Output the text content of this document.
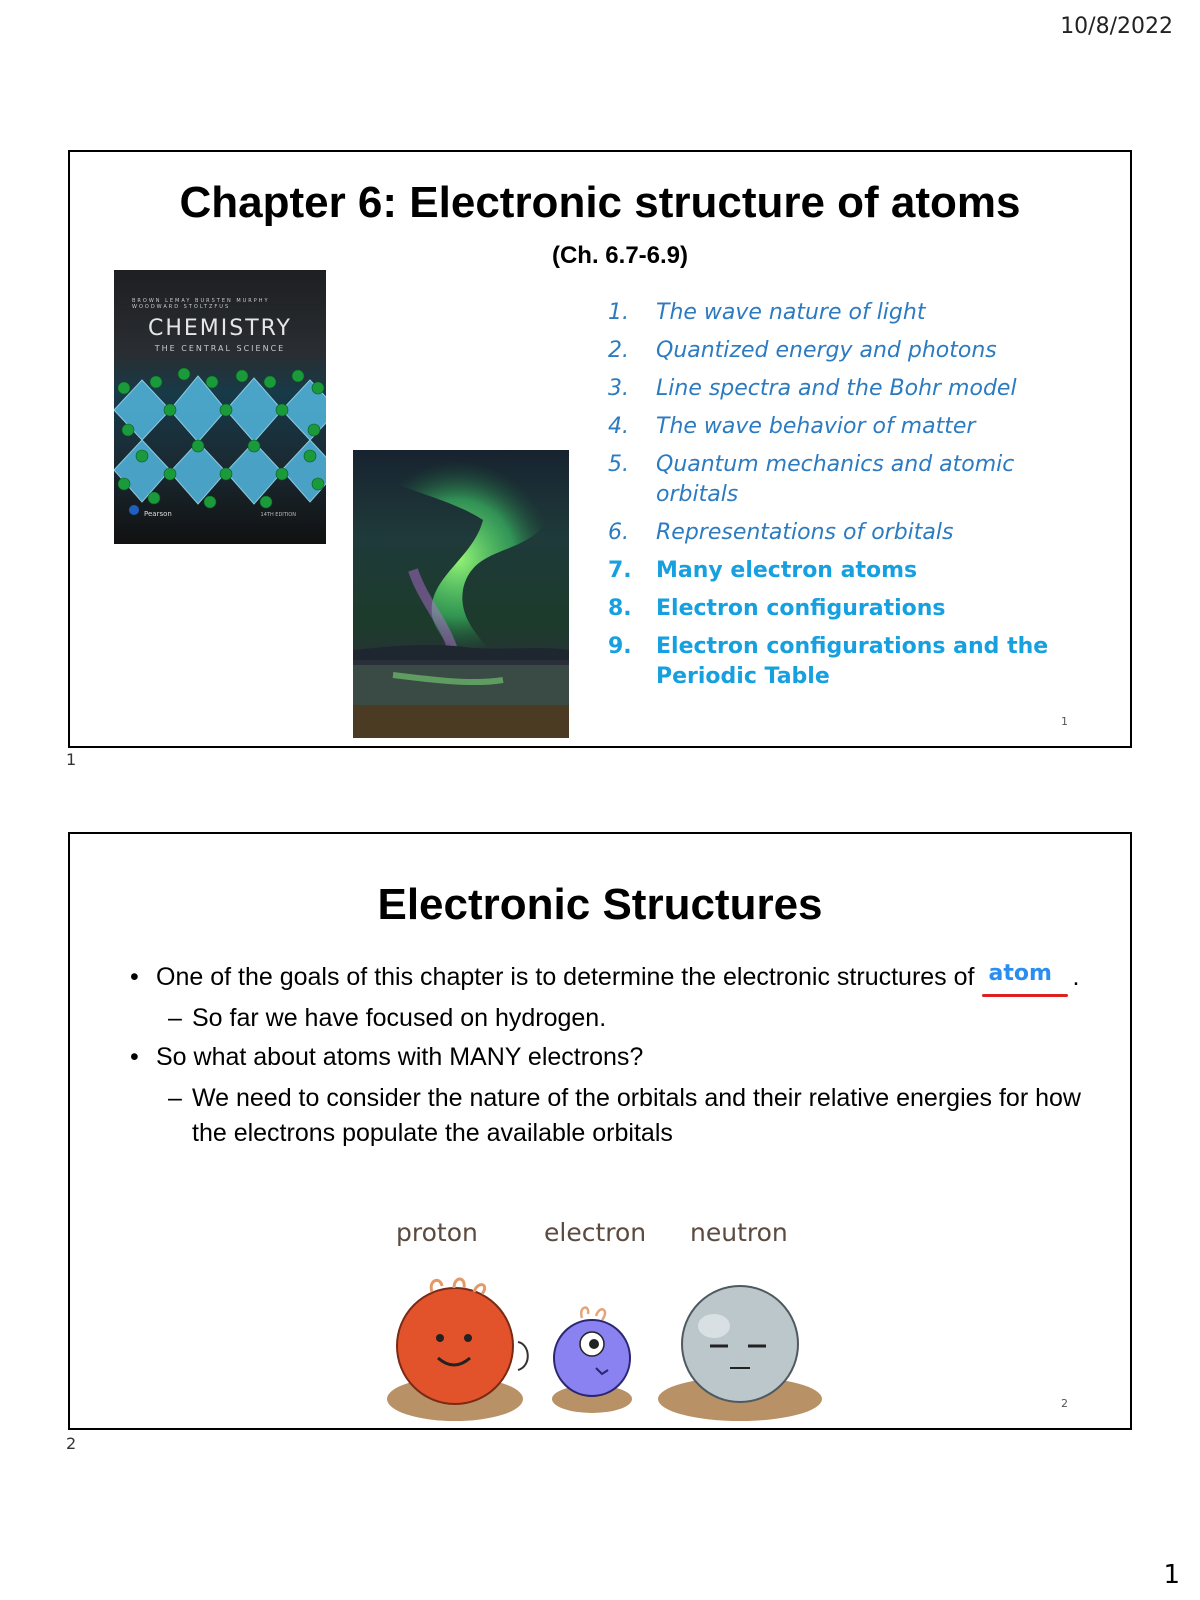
10/8/2022
Chapter 6: Electronic structure of atoms
(Ch. 6.7-6.9)
BROWN LEMAY BURSTEN MURPHY WOODWARD STOLTZFUS
CHEMISTRY
THE CENTRAL SCIENCE
Pearson	14TH EDITION
1.	The wave nature of light
2.	Quantized energy and photons
3.	Line spectra and the Bohr model
4.	The wave behavior of matter
5.	Quantum mechanics and atomic orbitals
6.	Representations of orbitals
7.	Many electron atoms
8.	Electron configurations
9.	Electron configurations and the Periodic Table
1
1
Electronic Structures
• One of the goals of this chapter is to determine the electronic structures of atom .
– So far we have focused on hydrogen.
• So what about atoms with MANY electrons?
– We need to consider the nature of the orbitals and their relative energies for how the electrons populate the available orbitals
proton	electron neutron
2
2
1
